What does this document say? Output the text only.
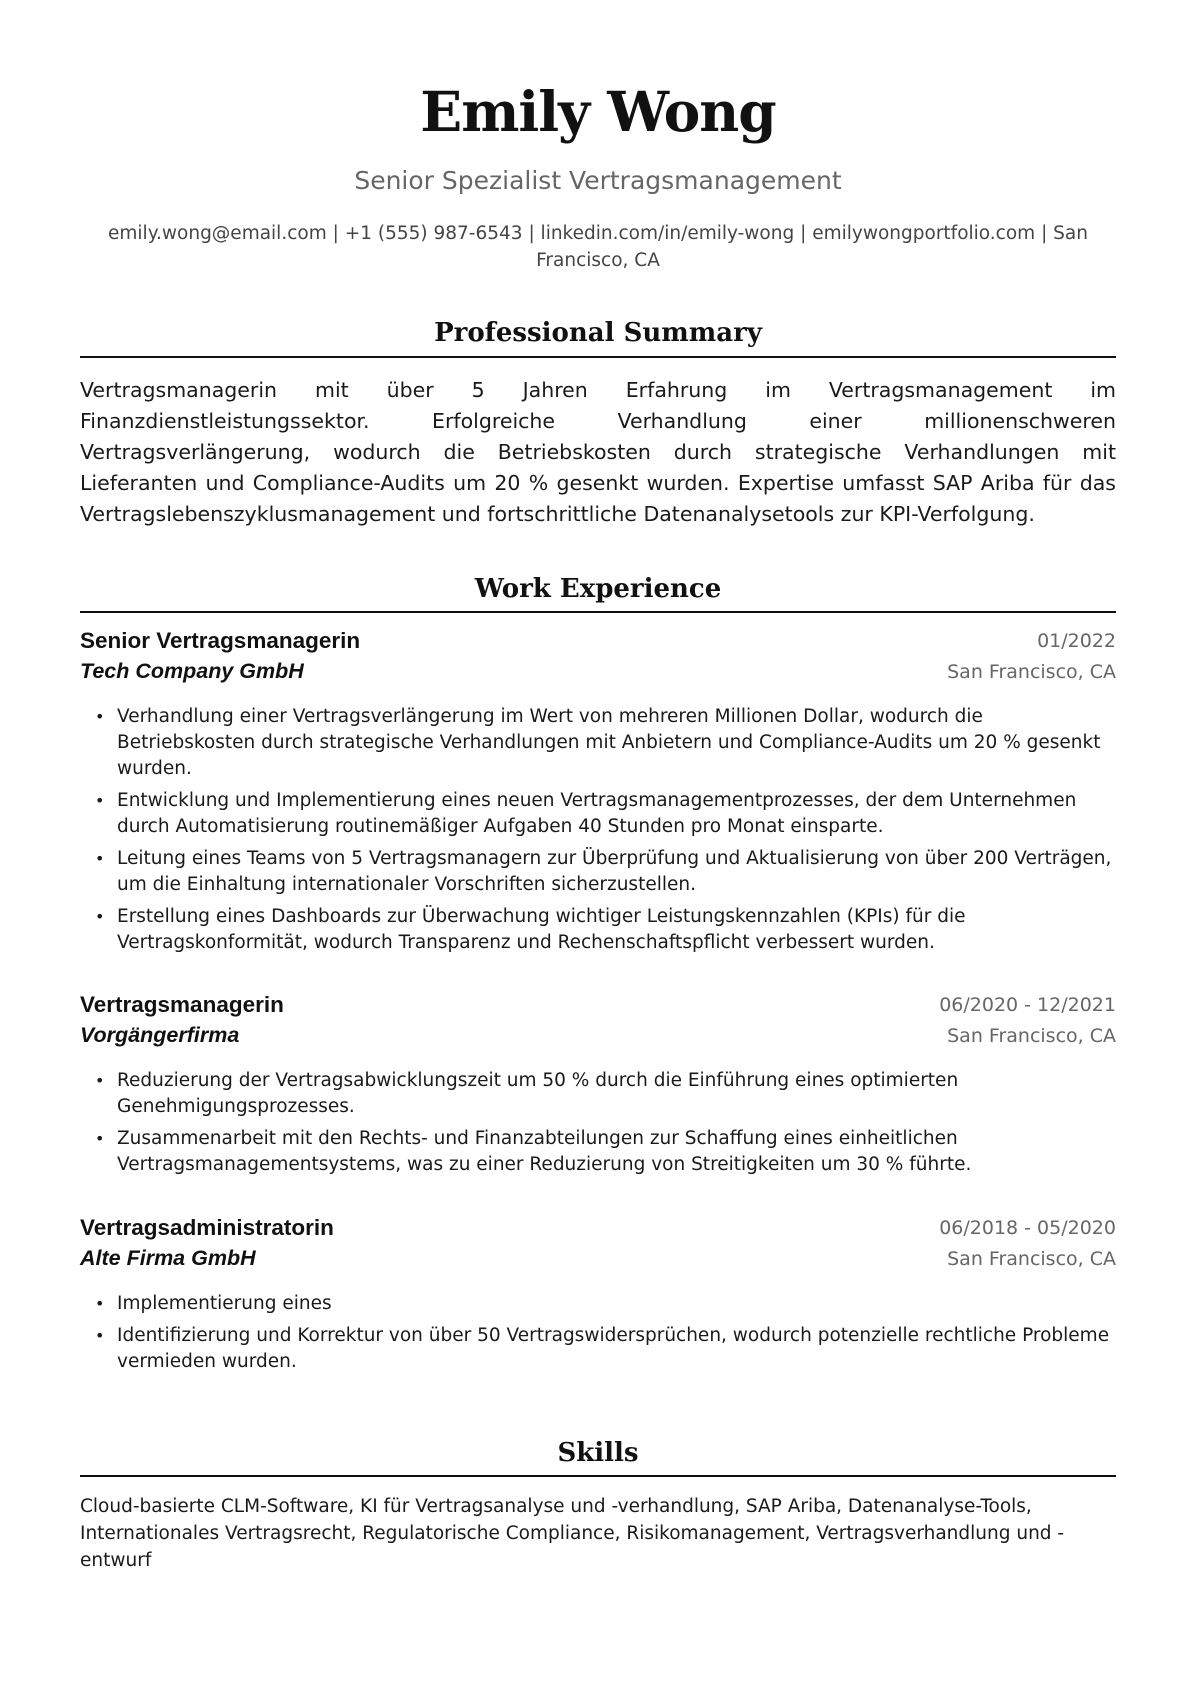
Emily Wong
Senior Spezialist Vertragsmanagement
emily.wong@email.com | +1 (555) 987-6543 | linkedin.com/in/emily-wong | emilywongportfolio.com | San Francisco, CA
Professional Summary
Vertragsmanagerin mit über 5 Jahren Erfahrung im Vertragsmanagement im Finanzdienstleistungssektor. Erfolgreiche Verhandlung einer millionenschweren Vertragsverlängerung, wodurch die Betriebskosten durch strategische Verhandlungen mit Lieferanten und Compliance-Audits um 20 % gesenkt wurden. Expertise umfasst SAP Ariba für das Vertragslebenszyklusmanagement und fortschrittliche Datenanalysetools zur KPI-Verfolgung.
Work Experience
Senior Vertragsmanagerin	01/2022
Tech Company GmbH	San Francisco, CA
• Verhandlung einer Vertragsverlängerung im Wert von mehreren Millionen Dollar, wodurch die Betriebskosten durch strategische Verhandlungen mit Anbietern und Compliance-Audits um 20 % gesenkt wurden.
• Entwicklung und Implementierung eines neuen Vertragsmanagementprozesses, der dem Unternehmen durch Automatisierung routinemäßiger Aufgaben 40 Stunden pro Monat einsparte.
• Leitung eines Teams von 5 Vertragsmanagern zur Überprüfung und Aktualisierung von über 200 Verträgen, um die Einhaltung internationaler Vorschriften sicherzustellen.
• Erstellung eines Dashboards zur Überwachung wichtiger Leistungskennzahlen (KPIs) für die Vertragskonformität, wodurch Transparenz und Rechenschaftspflicht verbessert wurden.
Vertragsmanagerin	06/2020 - 12/2021
Vorgängerfirma	San Francisco, CA
• Reduzierung der Vertragsabwicklungszeit um 50 % durch die Einführung eines optimierten Genehmigungsprozesses.
• Zusammenarbeit mit den Rechts- und Finanzabteilungen zur Schaffung eines einheitlichen Vertragsmanagementsystems, was zu einer Reduzierung von Streitigkeiten um 30 % führte.
Vertragsadministratorin	06/2018 - 05/2020
Alte Firma GmbH	San Francisco, CA
• Implementierung eines
• Identifizierung und Korrektur von über 50 Vertragswidersprüchen, wodurch potenzielle rechtliche Probleme vermieden wurden.
Skills
Cloud-basierte CLM-Software, KI für Vertragsanalyse und -verhandlung, SAP Ariba, Datenanalyse-Tools, Internationales Vertragsrecht, Regulatorische Compliance, Risikomanagement, Vertragsverhandlung und -entwurf
